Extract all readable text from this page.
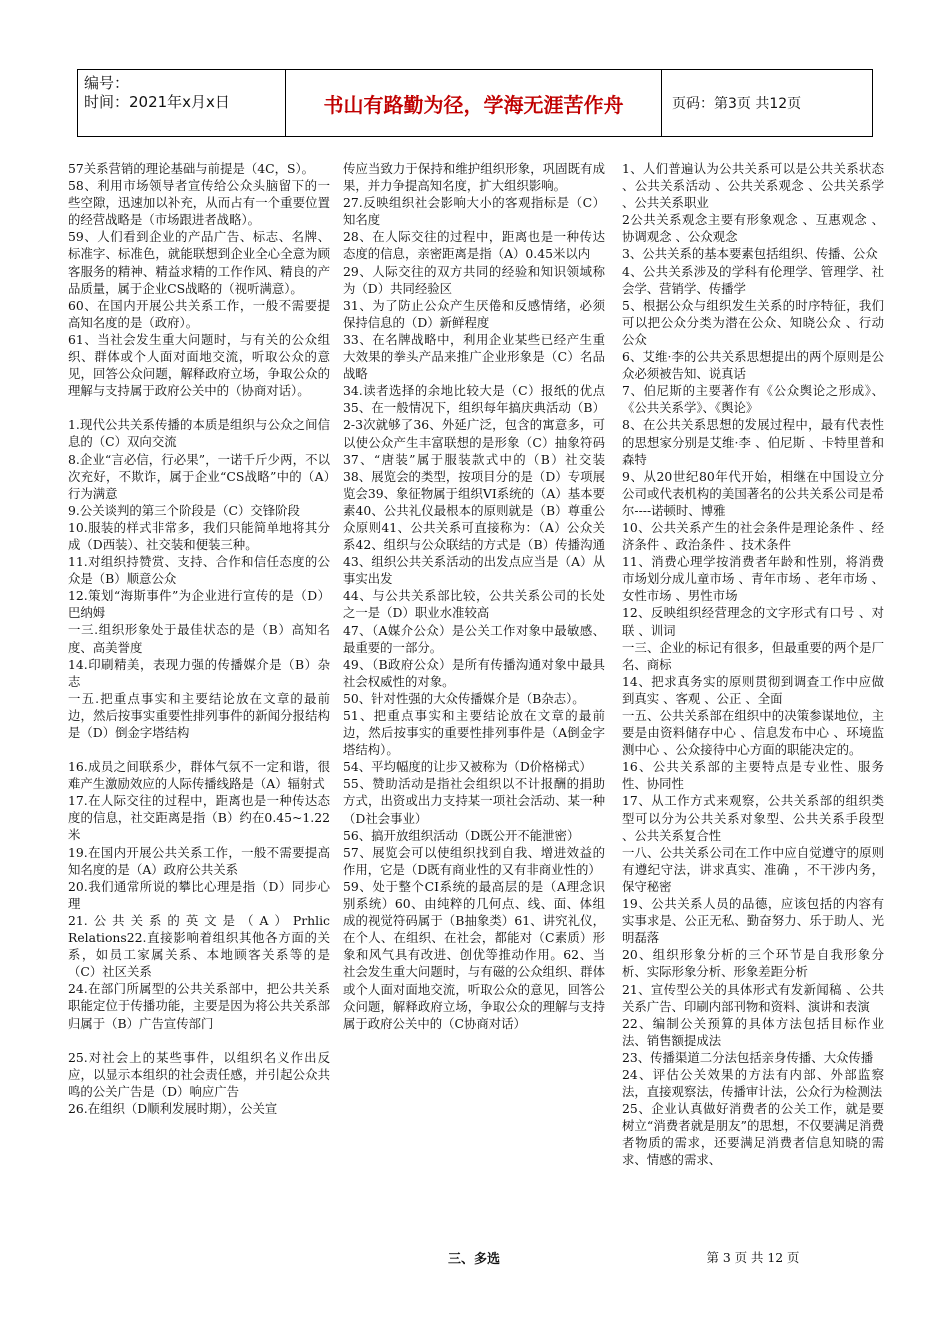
编号：
时间：2021年x月x日	书山有路勤为径，学海无涯苦作舟	页码：第3页 共12页

57关系营销的理论基础与前提是（4C，S）。

58、利用市场领导者宣传给公众头脑留下的一些空隙，迅速加以补充，从而占有一个重要位置的经营战略是（市场跟进者战略）。

59、人们看到企业的产品广告、标志、名牌、标准字、标准色，就能联想到企业全心全意为顾客服务的精神、精益求精的工作作风、精良的产品质量，属于企业CS战略的（视听满意）。

60、在国内开展公共关系工作，一般不需要提高知名度的是（政府）。

61、当社会发生重大问题时，与有关的公众组织、群体或个人面对面地交流，听取公众的意见，回答公众问题，解释政府立场，争取公众的理解与支持属于政府公关中的（协商对话）。

1.现代公共关系传播的本质是组织与公众之间信息的（C）双向交流

8.企业“言必信，行必果”，一诺千斤少两，不以次充好，不欺诈，属于企业“CS战略”中的（A）行为满意

9.公关谈判的第三个阶段是（C）交锋阶段

10.服装的样式非常多，我们只能简单地将其分成（D西装）、社交装和便装三种。

11.对组织持赞赏、支持、合作和信任态度的公众是（B）顺意公众

12.策划“海斯事件”为企业进行宣传的是（D）巴纳姆

一三.组织形象处于最佳状态的是（B）高知名度、高美誉度

14.印刷精美，表现力强的传播媒介是（B）杂志

一五.把重点事实和主要结论放在文章的最前边，然后按事实重要性排列事件的新闻分报结构是（D）倒金字塔结构

16.成员之间联系少，群体气氛不一定和谐，很难产生激励效应的人际传播线路是（A）辐射式

17.在人际交往的过程中，距离也是一种传达态度的信息，社交距离是指（B）约在0.45~1.22米

19.在国内开展公共关系工作，一般不需要提高知名度的是（A）政府公共关系

20.我们通常所说的攀比心理是指（D）同步心理

21.公共关系的英文是（A）Prhlic Relations22.直接影响着组织其他各方面的关系，如员工家属关系、本地顾客关系等的是（C）社区关系

24.在部门所属型的公共关系部中，把公共关系职能定位于传播功能，主要是因为将公共关系部归属于（B）广告宣传部门

25.对社会上的某些事件，以组织名义作出反应，以显示本组织的社会责任感，并引起公众共鸣的公关广告是（D）响应广告

26.在组织（D顺利发展时期），公关宣

传应当致力于保持和维护组织形象，巩固既有成果，并力争提高知名度，扩大组织影响。

27.反映组织社会影响大小的客观指标是（C）知名度

28、在人际交往的过程中，距离也是一种传达态度的信息，亲密距离是指（A）0.45米以内

29、人际交往的双方共同的经验和知识领域称为（D）共同经验区

31、为了防止公众产生厌倦和反感情绪，必须保持信息的（D）新鲜程度

33、在名牌战略中，利用企业某些已经产生重大效果的拳头产品来推广企业形象是（C）名品战略

34.读者选择的余地比较大是（C）报纸的优点35、在一般情况下，组织每年搞庆典活动（B）2-3次就够了36、外延广泛，包含的寓意多，可以使公众产生丰富联想的是形象（C）抽象符码37、“唐装”属于服装款式中的（B）社交装38、展览会的类型，按项目分的是（D）专项展览会39、象征物属于组织VI系统的（A）基本要素40、公共礼仪最根本的原则就是（B）尊重公众原则41、公共关系可直接称为：（A）公众关系42、组织与公众联结的方式是（B）传播沟通43、组织公共关系活动的出发点应当是（A）从事实出发

44、与公共关系部比较，公共关系公司的长处之一是（D）职业水准较高

47、（A媒介公众）是公关工作对象中最敏感、最重要的一部分。

49、（B政府公众）是所有传播沟通对象中最具社会权威性的对象。

50、针对性强的大众传播媒介是（B杂志）。

51、把重点事实和主要结论放在文章的最前边，然后按事实的重要性排列事件是（A倒金字塔结构）。

54、平均幅度的让步又被称为（D价格梯式）

55、赞助活动是指社会组织以不计报酬的捐助方式，出资或出力支持某一项社会活动、某一种（D社会事业）

56、搞开放组织活动（D既公开不能泄密）

57、展览会可以使组织找到自我、增进效益的作用，它是（D既有商业性的又有非商业性的）

59、处于整个CI系统的最高层的是（A理念识别系统）60、由纯粹的几何点、线、面、体组成的视觉符码属于（B抽象类）61、讲究礼仪，在个人、在组织、在社会，都能对（C素质）形象和风气具有改进、创优等推动作用。62、当社会发生重大问题时，与有磁的公众组织、群体或个人面对面地交流，听取公众的意见，回答公众问题，解释政府立场，争取公众的理解与支持属于政府公关中的（C协商对话）

1、人们普遍认为公共关系可以是公共关系状态 、公共关系活动 、公共关系观念 、公共关系学 、公共关系职业

2公共关系观念主要有形象观念 、互惠观念 、协调观念 、公众观念

3、公共关系的基本要素包括组织、传播、公众

4、公共关系涉及的学科有伦理学、管理学、社会学、营销学、传播学

5、根据公众与组织发生关系的时序特征，我们可以把公众分类为潜在公众、知晓公众 、行动公众

6、艾维·李的公共关系思想提出的两个原则是公众必须被告知、说真话

7、伯尼斯的主要著作有《公众舆论之形成》、《公共关系学》、《舆论》

8、在公共关系思想的发展过程中，最有代表性的思想家分别是艾维·李 、伯尼斯 、卡特里普和森特

9、从20世纪80年代开始，相继在中国设立分公司或代表机构的美国著名的公共关系公司是希尔----诺顿时、博雅

10、公共关系产生的社会条件是理论条件 、经济条件 、政治条件 、技术条件

11、消费心理学按消费者年龄和性别，将消费市场划分成儿童市场 、青年市场 、老年市场 、女性市场 、男性市场

12、反映组织经营理念的文字形式有口号 、对联 、训词

一三、企业的标记有很多，但最重要的两个是厂名、商标

14、把求真务实的原则贯彻到调查工作中应做到真实 、客观 、公正 、全面

一五、公共关系部在组织中的决策参谋地位，主要是由资料储存中心 、信息发布中心 、环境监测中心 、公众接待中心方面的职能决定的。

16、公共关系部的主要特点是专业性、服务性、协同性

17、从工作方式来观察，公共关系部的组织类型可以分为公共关系对象型、公共关系手段型 、公共关系复合性

一八、公共关系公司在工作中应自觉遵守的原则有遵纪守法，讲求真实、准确 ，不干涉内务，保守秘密

19、公共关系人员的品德，应该包括的内容有实事求是、公正无私、勤奋努力、乐于助人、光明磊落

20、组织形象分析的三个环节是自我形象分析、实际形象分析、形象差距分析

21、宣传型公关的具体形式有发新闻稿 、公共关系广告、印刷内部刊物和资料、演讲和表演

22、编制公关预算的具体方法包括目标作业法、销售额提成法

23、传播渠道二分法包括亲身传播、大众传播

24、评估公关效果的方法有内部、外部监察法，直接观察法，传播审计法，公众行为检测法

25、企业认真做好消费者的公关工作，就是要树立“消费者就是朋友”的思想，不仅要满足消费者物质的需求，还要满足消费者信息知晓的需求、情感的需求、

三、多选	第 3 页 共 12 页
